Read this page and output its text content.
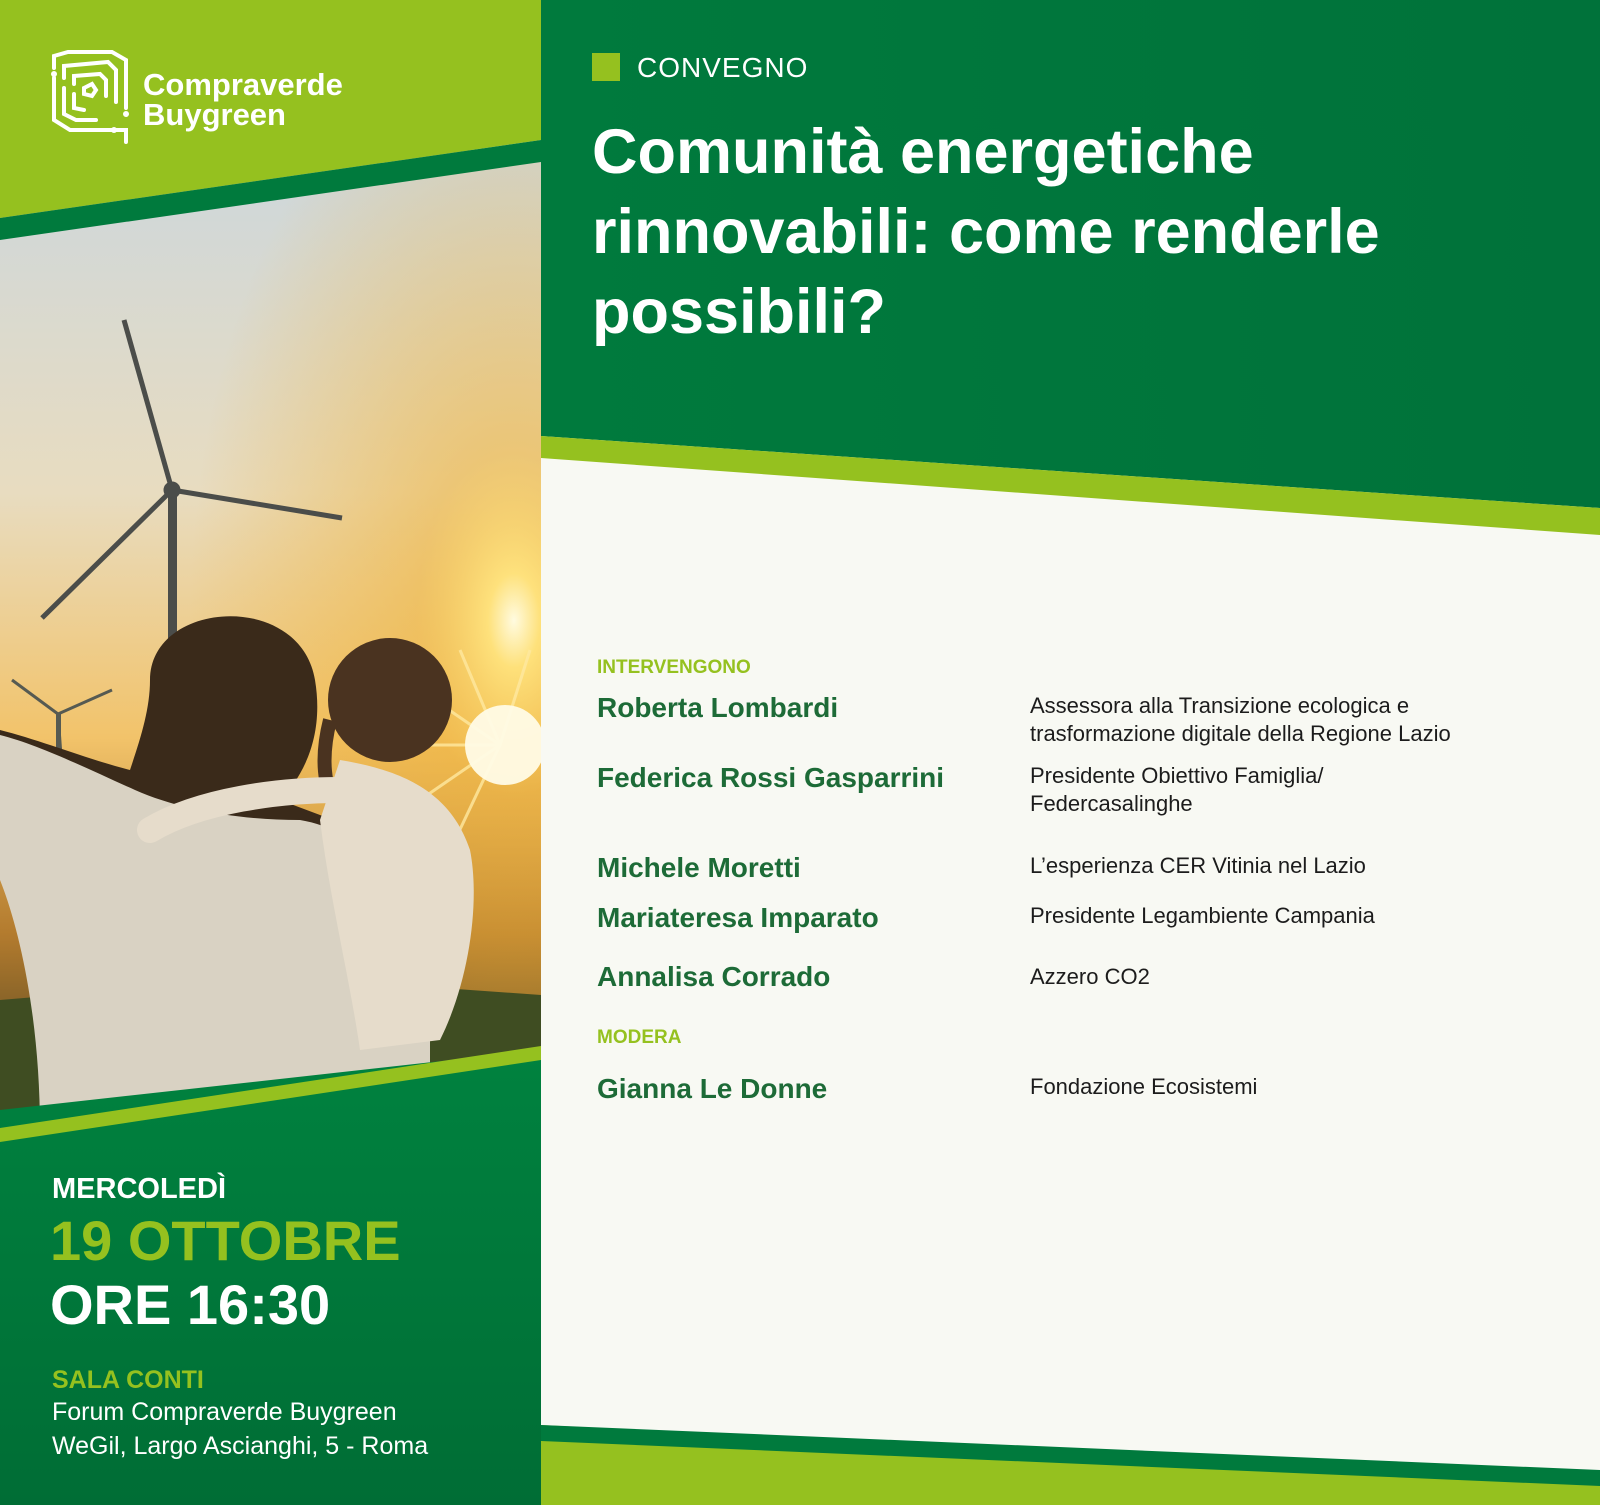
Compraverde
Buygreen
MERCOLEDÌ
19 OTTOBRE
ORE 16:30
SALA CONTI
Forum Compraverde Buygreen
WeGil, Largo Ascianghi, 5 - Roma
CONVEGNO
Comunità energetiche
rinnovabili: come renderle
possibili?
INTERVENGONO
Roberta Lombardi	Assessora alla Transizione ecologica e
trasformazione digitale della Regione Lazio
Federica Rossi Gasparrini	Presidente Obiettivo Famiglia/
Federcasalinghe
Michele Moretti	L’esperienza CER Vitinia nel Lazio
Mariateresa Imparato	Presidente Legambiente Campania
Annalisa Corrado	Azzero CO2
MODERA
Gianna Le Donne	Fondazione Ecosistemi
